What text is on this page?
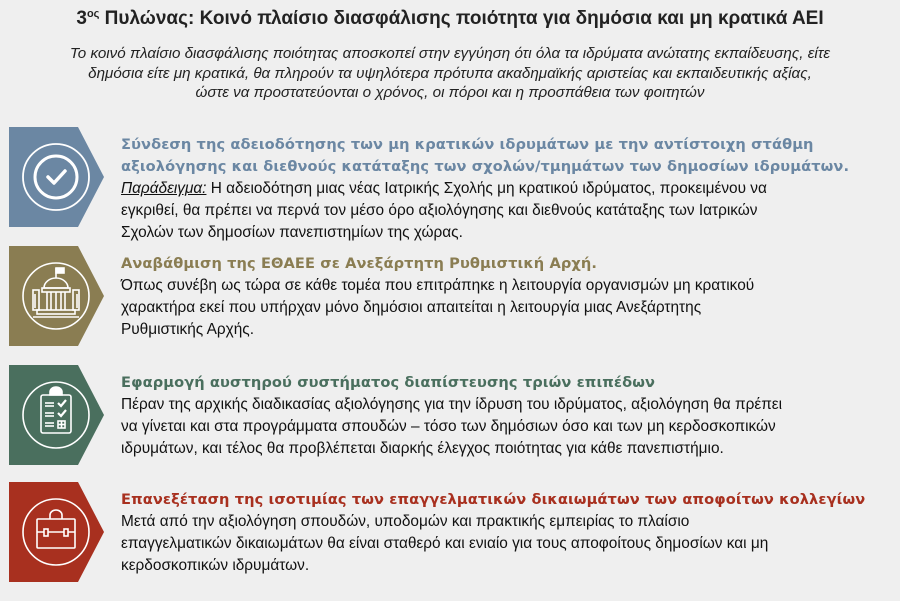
$3^{o\varsigma}$ Πυλώνας: Κοινό πλαίσιο διασφάλισης ποιότητα για δημόσια και μη κρατικά ΑΕΙ
Το κοινό πλαίσιο διασφάλισης ποιότητας αποσκοπεί στην εγγύηση ότι όλα τα ιδρύματα ανώτατης εκπαίδευσης, είτε
δημόσια είτε μη κρατικά, θα πληρούν τα υψηλότερα πρότυπα ακαδημαϊκής αριστείας και εκπαιδευτικής αξίας,
ώστε να προστατεύονται ο χρόνος, οι πόροι και η προσπάθεια των φοιτητών
Σύνδεση της αδειοδότησης των μη κρατικών ιδρυμάτων με την αντίστοιχη στάθμη
αξιολόγησης και διεθνούς κατάταξης των σχολών/τμημάτων των δημοσίων ιδρυμάτων.
Παράδειγμα: Η αδειοδότηση μιας νέας Ιατρικής Σχολής μη κρατικού ιδρύματος, προκειμένου να
εγκριθεί, θα πρέπει να περνά τον μέσο όρο αξιολόγησης και διεθνούς κατάταξης των Ιατρικών
Σχολών των δημοσίων πανεπιστημίων της χώρας.
Αναβάθμιση της ΕΘΑΕΕ σε Ανεξάρτητη Ρυθμιστική Αρχή.
Όπως συνέβη ως τώρα σε κάθε τομέα που επιτράπηκε η λειτουργία οργανισμών μη κρατικού
χαρακτήρα εκεί που υπήρχαν μόνο δημόσιοι απαιτείται η λειτουργία μιας Ανεξάρτητης
Ρυθμιστικής Αρχής.
Εφαρμογή αυστηρού συστήματος διαπίστευσης τριών επιπέδων
Πέραν της αρχικής διαδικασίας αξιολόγησης για την ίδρυση του ιδρύματος, αξιολόγηση θα πρέπει
να γίνεται και στα προγράμματα σπουδών – τόσο των δημόσιων όσο και των μη κερδοσκοπικών
ιδρυμάτων, και τέλος θα προβλέπεται διαρκής έλεγχος ποιότητας για κάθε πανεπιστήμιο.
Επανεξέταση της ισοτιμίας των επαγγελματικών δικαιωμάτων των αποφοίτων κολλεγίων
Μετά από την αξιολόγηση σπουδών, υποδομών και πρακτικής εμπειρίας το πλαίσιο
επαγγελματικών δικαιωμάτων θα είναι σταθερό και ενιαίο για τους αποφοίτους δημοσίων και μη
κερδοσκοπικών ιδρυμάτων.
